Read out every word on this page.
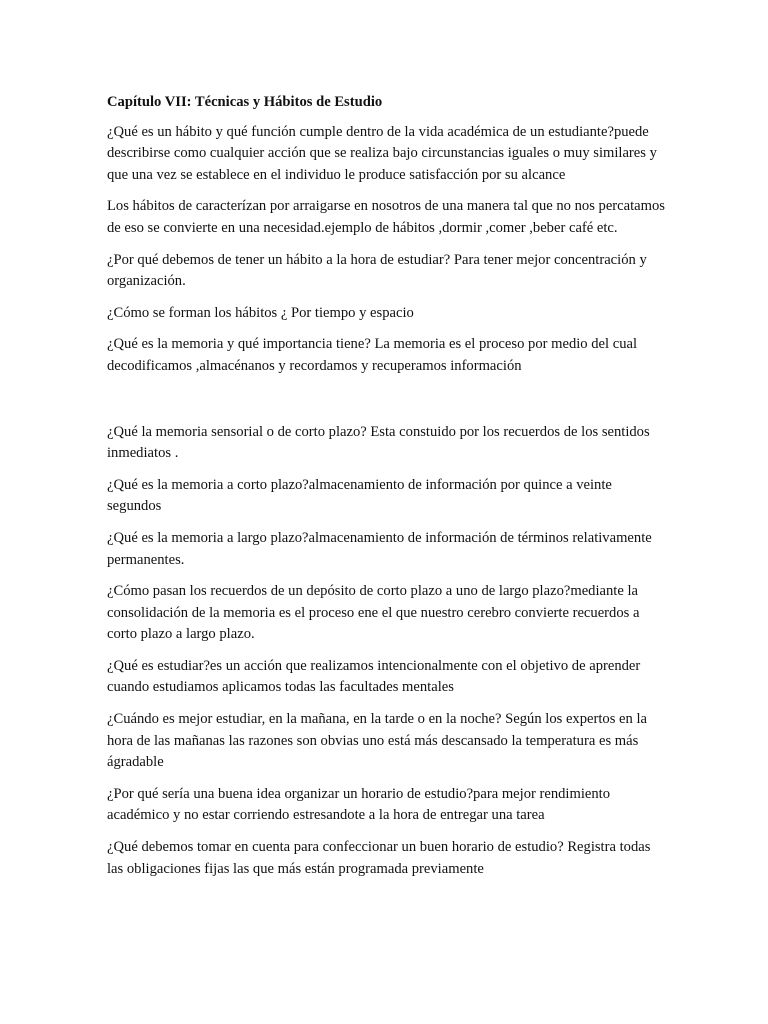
Capítulo VII: Técnicas y Hábitos de Estudio

¿Qué es un hábito y qué función cumple dentro de la vida académica de un estudiante?puede describirse como cualquier acción que se realiza bajo circunstancias iguales o muy similares y que una vez se establece en el individuo le produce satisfacción por su alcance

Los hábitos de caracterízan por arraigarse en nosotros de una manera tal que no nos percatamos de eso se convierte en una necesidad.ejemplo de hábitos ,dormir ,comer ,beber café etc.

¿Por qué debemos de tener un hábito a la hora de estudiar? Para tener mejor concentración y organización.

¿Cómo se forman los hábitos ¿ Por tiempo y espacio

¿Qué es la memoria y qué importancia tiene? La memoria es el proceso por medio del cual decodificamos ,almacénanos y recordamos y recuperamos información

¿Qué la memoria sensorial o de corto plazo? Esta constuido por los recuerdos de los sentidos inmediatos .

¿Qué es la memoria a corto plazo?almacenamiento de información por quince a veinte segundos

¿Qué es la memoria a largo plazo?almacenamiento de información de términos relativamente permanentes.

¿Cómo pasan los recuerdos de un depósito de corto plazo a uno de largo plazo?mediante la consolidación de la memoria es el proceso ene el que nuestro cerebro convierte recuerdos a corto plazo a largo plazo.

¿Qué es estudiar?es un acción que realizamos intencionalmente con el objetivo de aprender cuando estudiamos aplicamos todas las facultades mentales

¿Cuándo es mejor estudiar, en la mañana, en la tarde o en la noche? Según los expertos en la hora de las mañanas las razones son obvias uno está más descansado la temperatura es más ágradable

¿Por qué sería una buena idea organizar un horario de estudio?para mejor rendimiento académico y no estar corriendo estresandote a la hora de entregar una tarea

¿Qué debemos tomar en cuenta para confeccionar un buen horario de estudio? Registra todas las obligaciones fijas las que más están programada previamente
